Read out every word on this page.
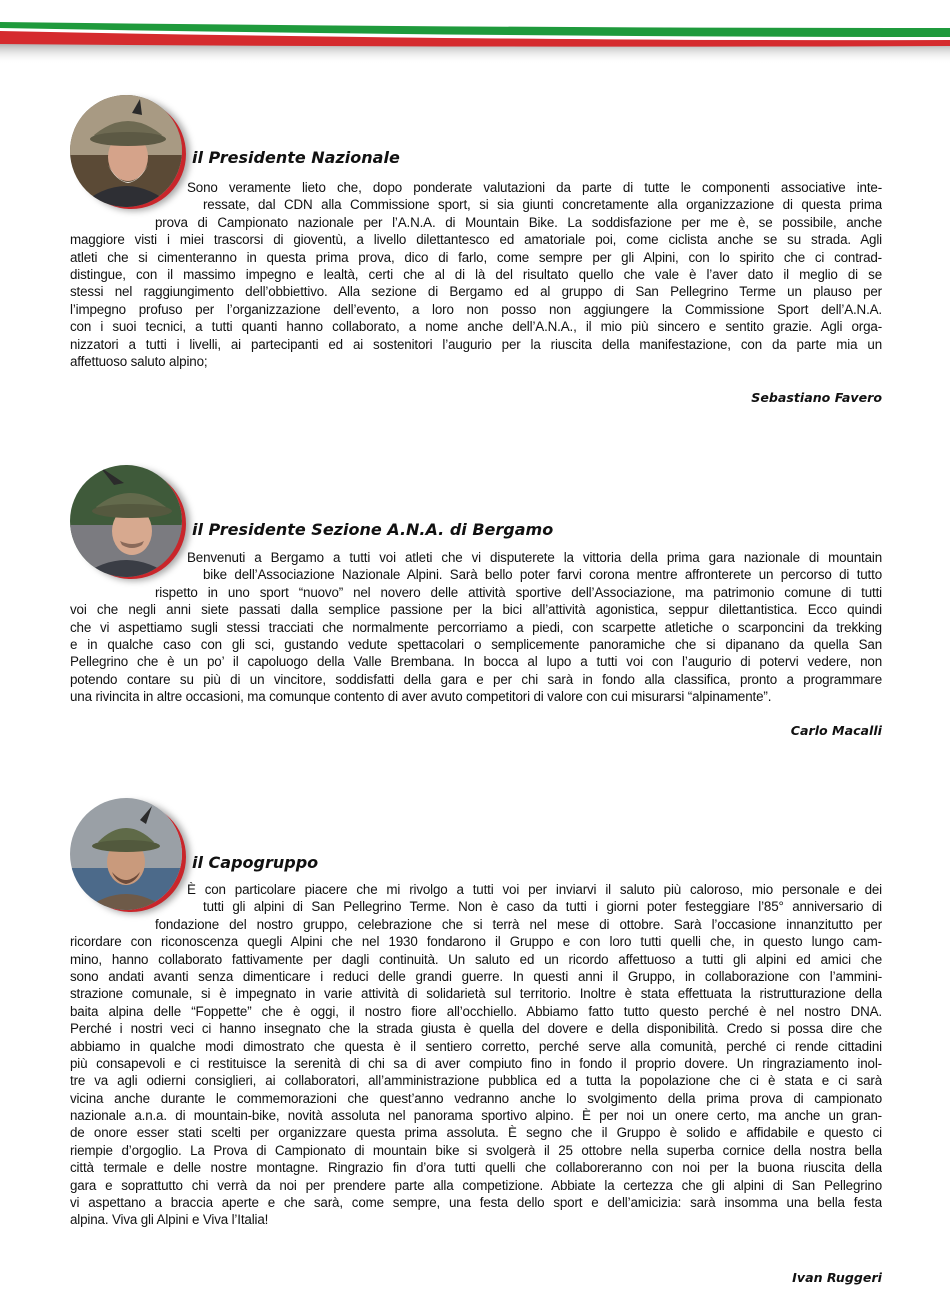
il Presidente Nazionale
Sono veramente lieto che, dopo ponderate valutazioni da parte di tutte le componenti associative inte-
ressate, dal CDN alla Commissione sport, si sia giunti concretamente alla organizzazione di questa prima
prova di Campionato nazionale per l’A.N.A. di Mountain Bike. La soddisfazione per me è, se possibile, anche
maggiore visti i miei trascorsi di gioventù, a livello dilettantesco ed amatoriale poi, come ciclista anche se su strada. Agli
atleti che si cimenteranno in questa prima prova, dico di farlo, come sempre per gli Alpini, con lo spirito che ci contrad-
distingue, con il massimo impegno e lealtà, certi che al di là del risultato quello che vale è l’aver dato il meglio di se
stessi nel raggiungimento dell’obbiettivo. Alla sezione di Bergamo ed al gruppo di San Pellegrino Terme un plauso per
l’impegno profuso per l’organizzazione dell’evento, a loro non posso non aggiungere la Commissione Sport dell’A.N.A.
con i suoi tecnici, a tutti quanti hanno collaborato, a nome anche dell’A.N.A., il mio più sincero e sentito grazie. Agli orga-
nizzatori a tutti i livelli, ai partecipanti ed ai sostenitori l’augurio per la riuscita della manifestazione, con da parte mia un
affettuoso saluto alpino;
Sebastiano Favero
il Presidente Sezione A.N.A. di Bergamo
Benvenuti a Bergamo a tutti voi atleti che vi disputerete la vittoria della prima gara nazionale di mountain
bike dell’Associazione Nazionale Alpini. Sarà bello poter farvi corona mentre affronterete un percorso di tutto
rispetto in uno sport “nuovo” nel novero delle attività sportive dell’Associazione, ma patrimonio comune di tutti
voi che negli anni siete passati dalla semplice passione per la bici all’attività agonistica, seppur dilettantistica. Ecco quindi
che vi aspettiamo sugli stessi tracciati che normalmente percorriamo a piedi, con scarpette atletiche o scarponcini da trekking
e in qualche caso con gli sci, gustando vedute spettacolari o semplicemente panoramiche che si dipanano da quella San
Pellegrino che è un po’ il capoluogo della Valle Brembana. In bocca al lupo a tutti voi con l’augurio di potervi vedere, non
potendo contare su più di un vincitore, soddisfatti della gara e per chi sarà in fondo alla classifica, pronto a programmare
una rivincita in altre occasioni, ma comunque contento di aver avuto competitori di valore con cui misurarsi “alpinamente”.
Carlo Macalli
il Capogruppo
È con particolare piacere che mi rivolgo a tutti voi per inviarvi il saluto più caloroso, mio personale e dei
tutti gli alpini di San Pellegrino Terme. Non è caso da tutti i giorni poter festeggiare l’85° anniversario di
fondazione del nostro gruppo, celebrazione che si terrà nel mese di ottobre. Sarà l’occasione innanzitutto per
ricordare con riconoscenza quegli Alpini che nel 1930 fondarono il Gruppo e con loro tutti quelli che, in questo lungo cam-
mino, hanno collaborato fattivamente per dagli continuità. Un saluto ed un ricordo affettuoso a tutti gli alpini ed amici che
sono andati avanti senza dimenticare i reduci delle grandi guerre. In questi anni il Gruppo, in collaborazione con l’ammini-
strazione comunale, si è impegnato in varie attività di solidarietà sul territorio. Inoltre è stata effettuata la ristrutturazione della
baita alpina delle “Foppette” che è oggi, il nostro fiore all’occhiello. Abbiamo fatto tutto questo perché è nel nostro DNA.
Perché i nostri veci ci hanno insegnato che la strada giusta è quella del dovere e della disponibilità. Credo si possa dire che
abbiamo in qualche modi dimostrato che questa è il sentiero corretto, perché serve alla comunità, perché ci rende cittadini
più consapevoli e ci restituisce la serenità di chi sa di aver compiuto fino in fondo il proprio dovere. Un ringraziamento inol-
tre va agli odierni consiglieri, ai collaboratori, all’amministrazione pubblica ed a tutta la popolazione che ci è stata e ci sarà
vicina anche durante le commemorazioni che quest’anno vedranno anche lo svolgimento della prima prova di campionato
nazionale a.n.a. di mountain-bike, novità assoluta nel panorama sportivo alpino. È per noi un onere certo, ma anche un gran-
de onore esser stati scelti per organizzare questa prima assoluta. È segno che il Gruppo è solido e affidabile e questo ci
riempie d’orgoglio. La Prova di Campionato di mountain bike si svolgerà il 25 ottobre nella superba cornice della nostra bella
città termale e delle nostre montagne. Ringrazio fin d’ora tutti quelli che collaboreranno con noi per la buona riuscita della
gara e soprattutto chi verrà da noi per prendere parte alla competizione. Abbiate la certezza che gli alpini di San Pellegrino
vi aspettano a braccia aperte e che sarà, come sempre, una festa dello sport e dell’amicizia: sarà insomma una bella festa
alpina. Viva gli Alpini e Viva l’Italia!
Ivan Ruggeri
